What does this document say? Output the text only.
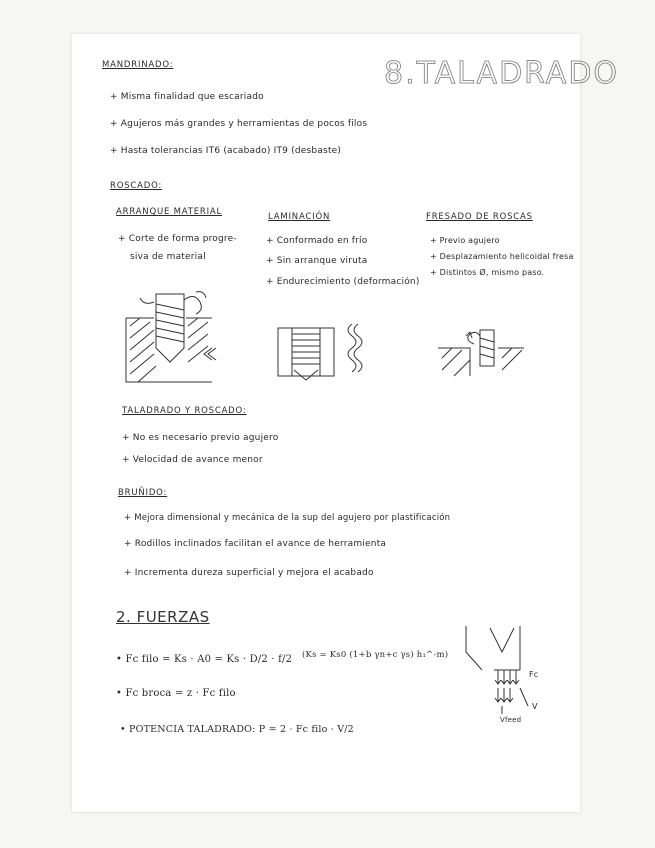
8.TALADRADO
MANDRINADO:
+ Misma finalidad que escariado
+ Agujeros más grandes y herramientas de pocos filos
+ Hasta tolerancias IT6 (acabado) IT9 (desbaste)
ROSCADO:
ARRANQUE MATERIAL
+ Corte de forma progre-
siva de material
LAMINACIÓN
+ Conformado en frío
+ Sin arranque viruta
+ Endurecimiento (deformación)
FRESADO DE ROSCAS
+ Previo agujero
+ Desplazamiento helicoidal fresa
+ Distintos Ø, mismo paso.
TALADRADO Y ROSCADO:
+ No es necesario previo agujero
+ Velocidad de avance menor
BRUÑIDO:
+ Mejora dimensional y mecánica de la sup del agujero por plastificación
+ Rodillos inclinados facilitan el avance de herramienta
+ Incrementa dureza superficial y mejora el acabado
2. FUERZAS
• Fc filo = Ks · A0 = Ks · D/2 · f/2 (Ks = Ks0 (1+b γn+c γs) h₁^-m)
• Fc broca = z · Fc filo
• POTENCIA TALADRADO: P = 2 · Fc filo · V/2
Fc
V
Vfeed
